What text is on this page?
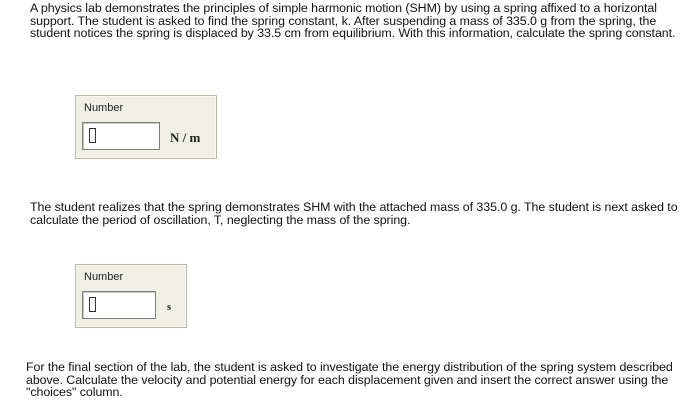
A physics lab demonstrates the principles of simple harmonic motion (SHM) by using a spring affixed to a horizontal support. The student is asked to find the spring constant, k. After suspending a mass of 335.0 g from the spring, the student notices the spring is displaced by 33.5 cm from equilibrium. With this information, calculate the spring constant.

Number
N / m

The student realizes that the spring demonstrates SHM with the attached mass of 335.0 g. The student is next asked to calculate the period of oscillation, T, neglecting the mass of the spring.

Number
s

For the final section of the lab, the student is asked to investigate the energy distribution of the spring system described above. Calculate the velocity and potential energy for each displacement given and insert the correct answer using the "choices" column.
